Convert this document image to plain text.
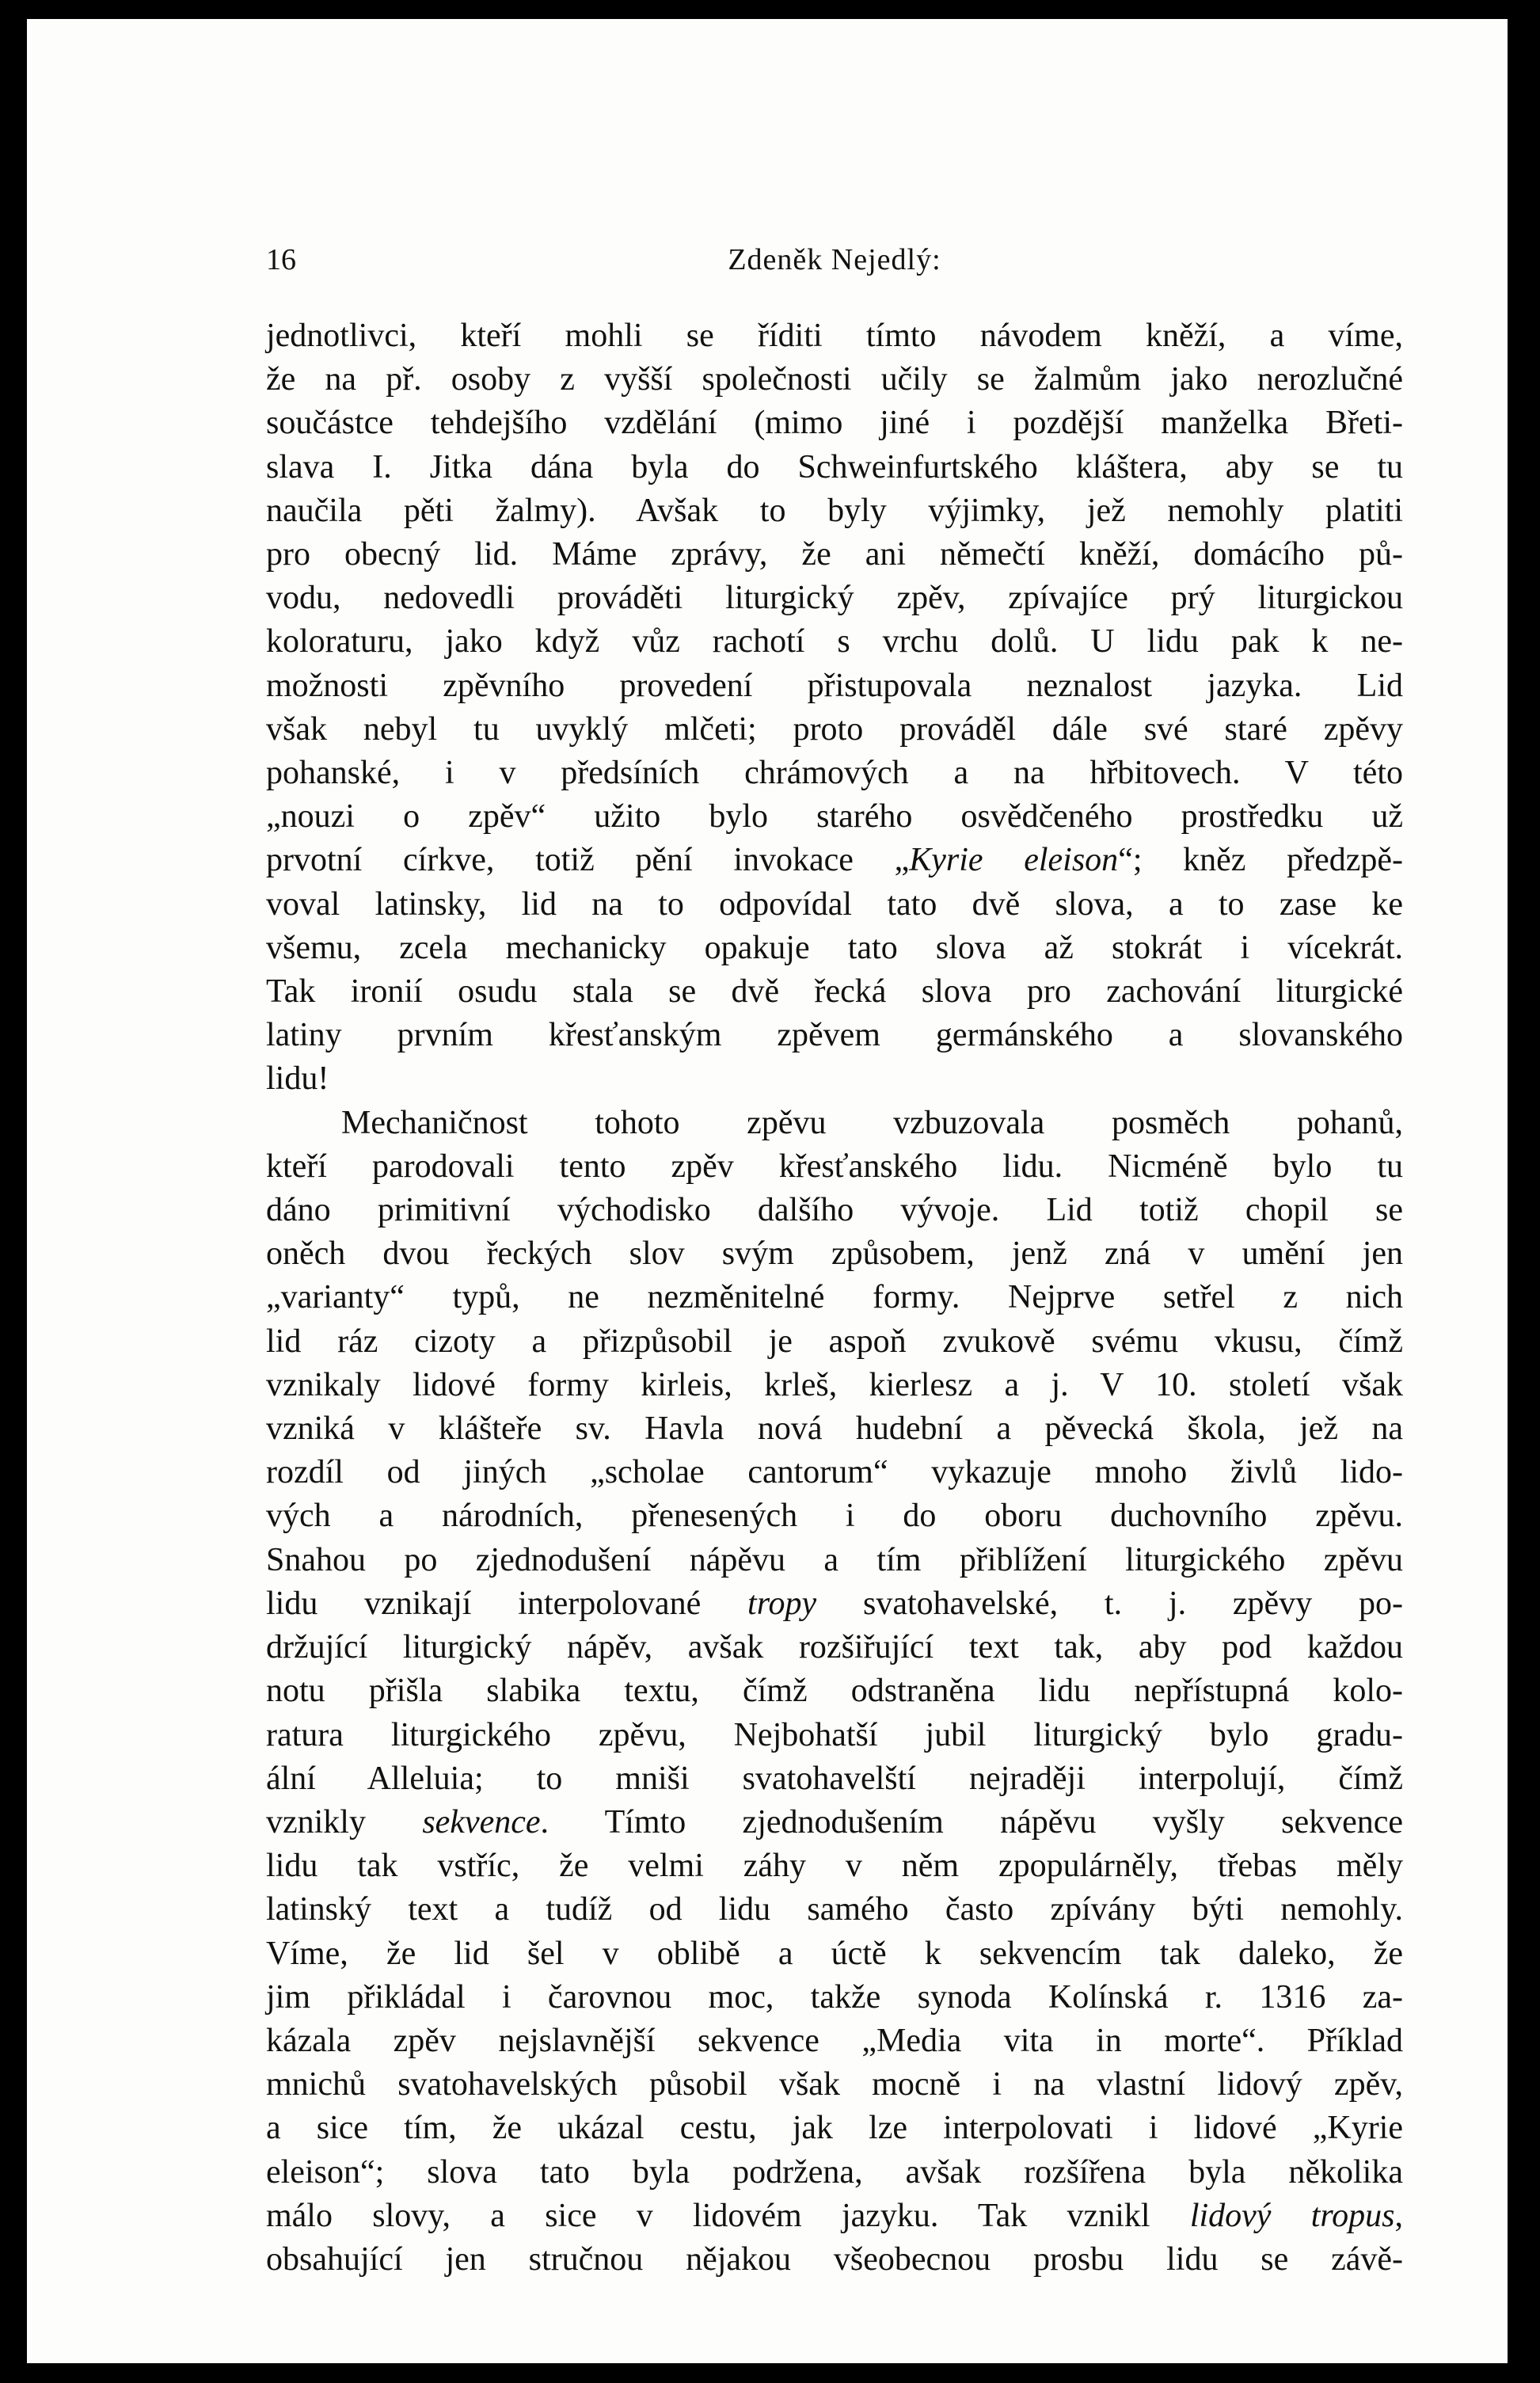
16	Zdeněk Nejedlý:
jednotlivci, kteří mohli se říditi tímto návodem kněží, a víme,
že na př. osoby z vyšší společnosti učily se žalmům jako nerozlučné
součástce tehdejšího vzdělání (mimo jiné i pozdější manželka Břeti-
slava I. Jitka dána byla do Schweinfurtského kláštera, aby se tu
naučila pěti žalmy). Avšak to byly výjimky, jež nemohly platiti
pro obecný lid. Máme zprávy, že ani němečtí kněží, domácího pů-
vodu, nedovedli prováděti liturgický zpěv, zpívajíce prý liturgickou
koloraturu, jako když vůz rachotí s vrchu dolů. U lidu pak k ne-
možnosti zpěvního provedení přistupovala neznalost jazyka. Lid
však nebyl tu uvyklý mlčeti; proto prováděl dále své staré zpěvy
pohanské, i v předsíních chrámových a na hřbitovech. V této
„nouzi o zpěv“ užito bylo starého osvědčeného prostředku už
prvotní církve, totiž pění invokace „Kyrie eleison“; kněz předzpě-
voval latinsky, lid na to odpovídal tato dvě slova, a to zase ke
všemu, zcela mechanicky opakuje tato slova až stokrát i vícekrát.
Tak ironií osudu stala se dvě řecká slova pro zachování liturgické
latiny prvním křesťanským zpěvem germánského a slovanského
lidu!
Mechaničnost tohoto zpěvu vzbuzovala posměch pohanů,
kteří parodovali tento zpěv křesťanského lidu. Nicméně bylo tu
dáno primitivní východisko dalšího vývoje. Lid totiž chopil se
oněch dvou řeckých slov svým způsobem, jenž zná v umění jen
„varianty“ typů, ne nezměnitelné formy. Nejprve setřel z nich
lid ráz cizoty a přizpůsobil je aspoň zvukově svému vkusu, čímž
vznikaly lidové formy kirleis, krleš, kierlesz a j. V 10. století však
vzniká v klášteře sv. Havla nová hudební a pěvecká škola, jež na
rozdíl od jiných „scholae cantorum“ vykazuje mnoho živlů lido-
vých a národních, přenesených i do oboru duchovního zpěvu.
Snahou po zjednodušení nápěvu a tím přiblížení liturgického zpěvu
lidu vznikají interpolované tropy svatohavelské, t. j. zpěvy po-
držující liturgický nápěv, avšak rozšiřující text tak, aby pod každou
notu přišla slabika textu, čímž odstraněna lidu nepřístupná kolo-
ratura liturgického zpěvu, Nejbohatší jubil liturgický bylo gradu-
ální Alleluia; to mniši svatohavelští nejraději interpolují, čímž
vznikly sekvence. Tímto zjednodušením nápěvu vyšly sekvence
lidu tak vstříc, že velmi záhy v něm zpopulárněly, třebas měly
latinský text a tudíž od lidu samého často zpívány býti nemohly.
Víme, že lid šel v oblibě a úctě k sekvencím tak daleko, že
jim přikládal i čarovnou moc, takže synoda Kolínská r. 1316 za-
kázala zpěv nejslavnější sekvence „Media vita in morte“. Příklad
mnichů svatohavelských působil však mocně i na vlastní lidový zpěv,
a sice tím, že ukázal cestu, jak lze interpolovati i lidové „Kyrie
eleison“; slova tato byla podržena, avšak rozšířena byla několika
málo slovy, a sice v lidovém jazyku. Tak vznikl lidový tropus,
obsahující jen stručnou nějakou všeobecnou prosbu lidu se závě-
